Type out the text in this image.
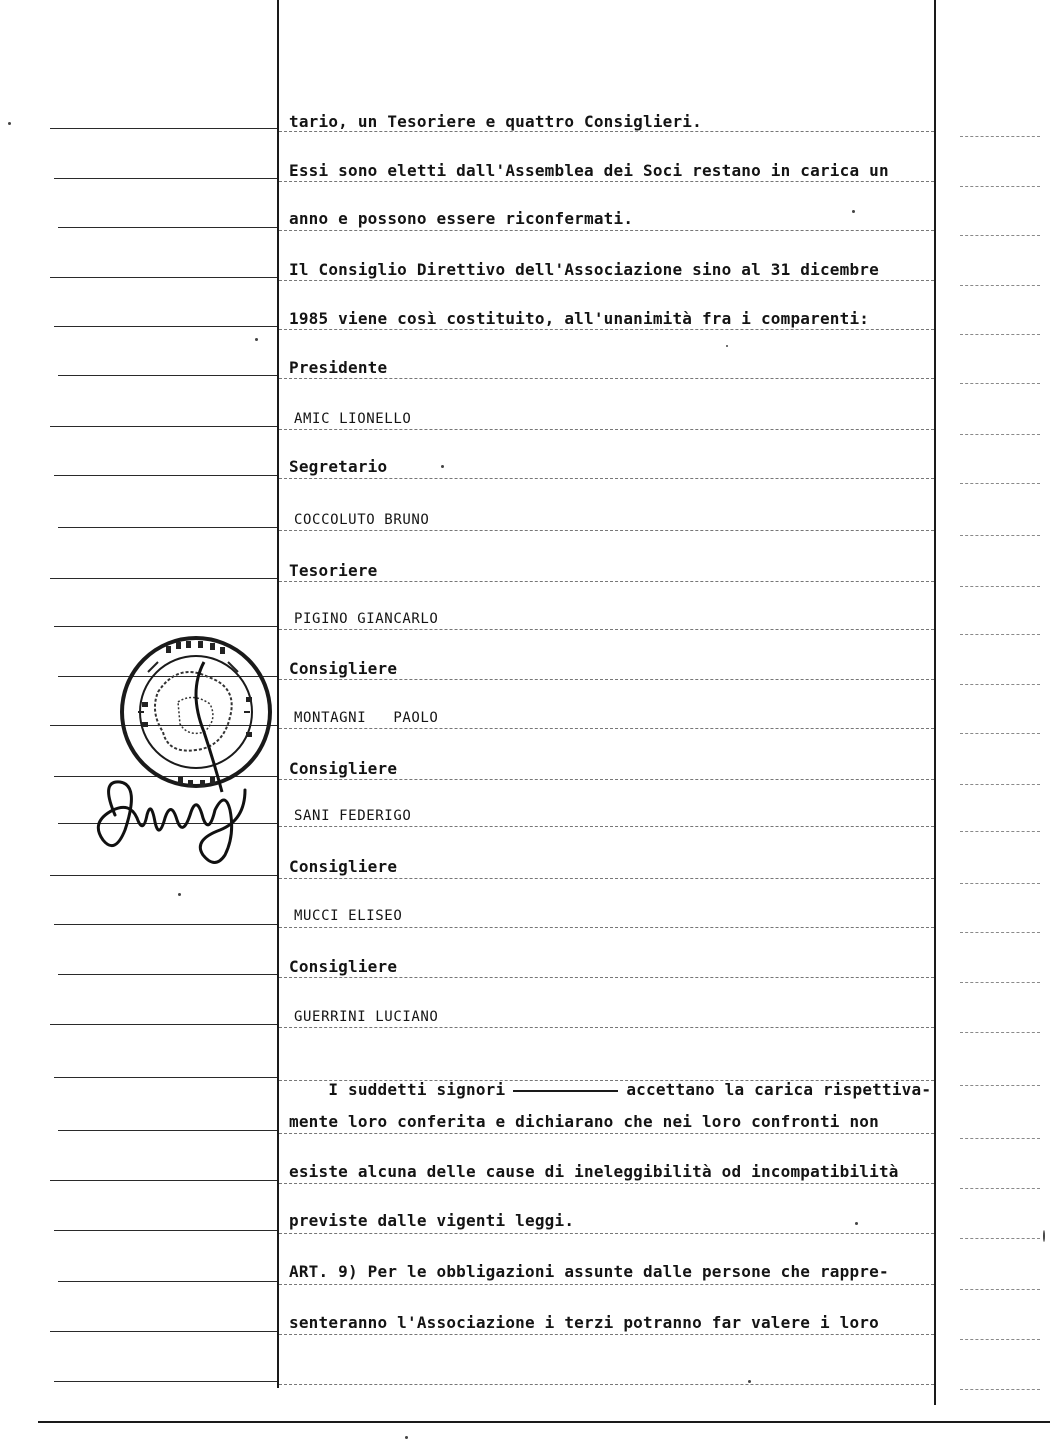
tario, un Tesoriere e quattro Consiglieri.
Essi sono eletti dall'Assemblea dei Soci restano in carica un
anno e possono essere riconfermati.
Il Consiglio Direttivo dell'Associazione sino al 31 dicembre
1985 viene così costituito, all'unanimità fra i comparenti:
Presidente
AMIC LIONELLO
Segretario
COCCOLUTO BRUNO
Tesoriere
PIGINO GIANCARLO
Consigliere
MONTAGNI   PAOLO
Consigliere
SANI FEDERIGO
Consigliere
MUCCI ELISEO
Consigliere
GUERRINI LUCIANO

I suddetti signori	accettano la carica rispettiva-

mente loro conferita e dichiarano che nei loro confronti non
esiste alcuna delle cause di ineleggibilità od incompatibilità
previste dalle vigenti leggi.
ART. 9) Per le obbligazioni assunte dalle persone che rappre-
senteranno l'Associazione i terzi potranno far valere i loro
